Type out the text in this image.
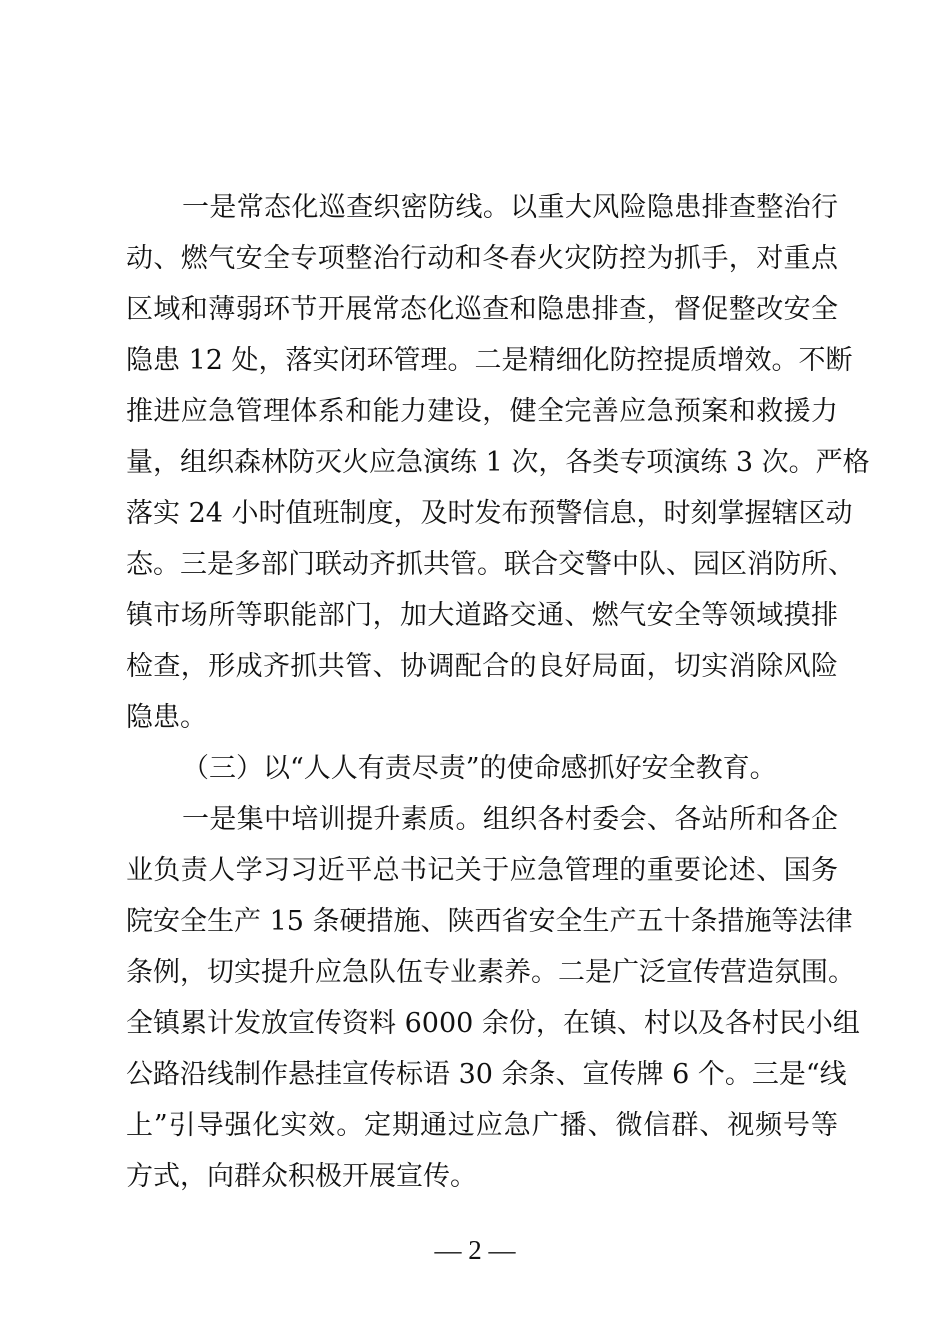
一是常态化巡查织密防线。以重大风险隐患排查整治行
动、燃气安全专项整治行动和冬春火灾防控为抓手，对重点
区域和薄弱环节开展常态化巡查和隐患排查，督促整改安全
隐患 12 处，落实闭环管理。二是精细化防控提质增效。不断
推进应急管理体系和能力建设，健全完善应急预案和救援力
量，组织森林防灭火应急演练 1 次，各类专项演练 3 次。严格
落实 24 小时值班制度，及时发布预警信息，时刻掌握辖区动
态。三是多部门联动齐抓共管。联合交警中队、园区消防所、
镇市场所等职能部门，加大道路交通、燃气安全等领域摸排
检查，形成齐抓共管、协调配合的良好局面，切实消除风险
隐患。
（三）以“人人有责尽责”的使命感抓好安全教育。
一是集中培训提升素质。组织各村委会、各站所和各企
业负责人学习习近平总书记关于应急管理的重要论述、国务
院安全生产 15 条硬措施、陕西省安全生产五十条措施等法律
条例，切实提升应急队伍专业素养。二是广泛宣传营造氛围。
全镇累计发放宣传资料 6000 余份，在镇、村以及各村民小组
公路沿线制作悬挂宣传标语 30 余条、宣传牌 6 个。三是“线
上”引导强化实效。定期通过应急广播、微信群、视频号等
方式，向群众积极开展宣传。
— 2 —
